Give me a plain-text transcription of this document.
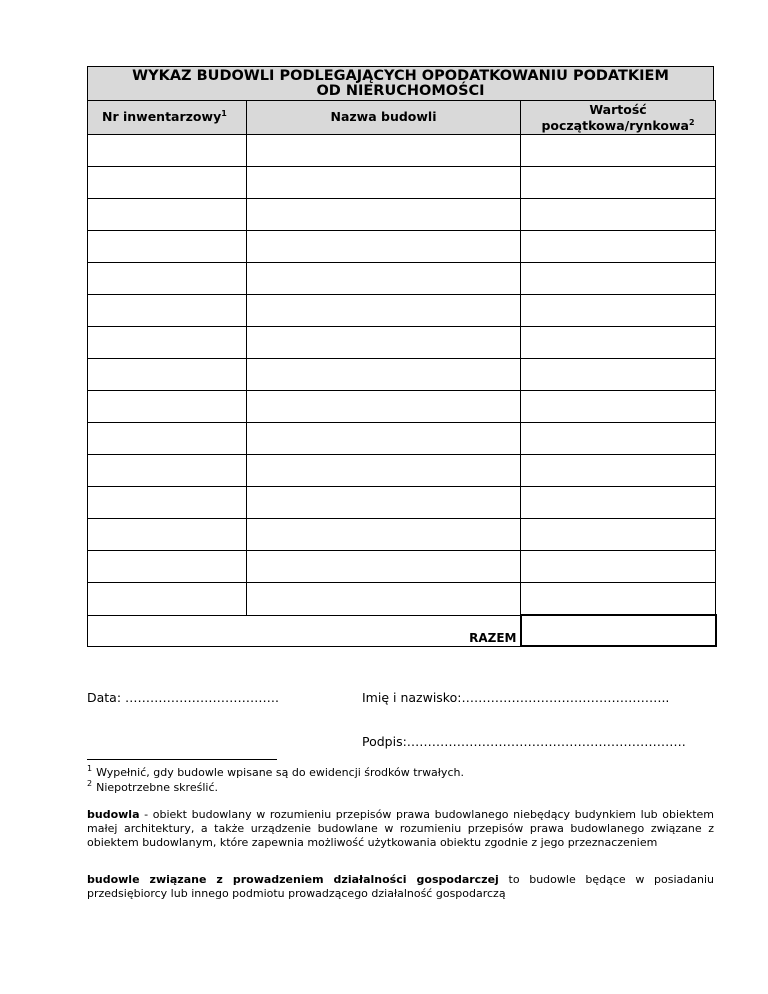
WYKAZ BUDOWLI PODLEGAJĄCYCH OPODATKOWANIU PODATKIEM
OD NIERUCHOMOŚCI
Nr inwentarzowy$^1$	Nazwa budowli	Wartość
początkowa/rynkowa$^2$

RAZEM		
Data: ……………………………….	Imię i nazwisko:…………………………………………..
Podpis:………………………………………………………….
$^1$ Wypełnić, gdy budowle wpisane są do ewidencji środków trwałych.
$^2$ Niepotrzebne skreślić.
budowla - obiekt budowlany w rozumieniu przepisów prawa budowlanego niebędący budynkiem lub obiektem małej architektury, a także urządzenie budowlane w rozumieniu przepisów prawa budowlanego związane z obiektem budowlanym, które zapewnia możliwość użytkowania obiektu zgodnie z jego przeznaczeniem
budowle związane z prowadzeniem działalności gospodarczej to budowle będące w posiadaniu przedsiębiorcy lub innego podmiotu prowadzącego działalność gospodarczą
